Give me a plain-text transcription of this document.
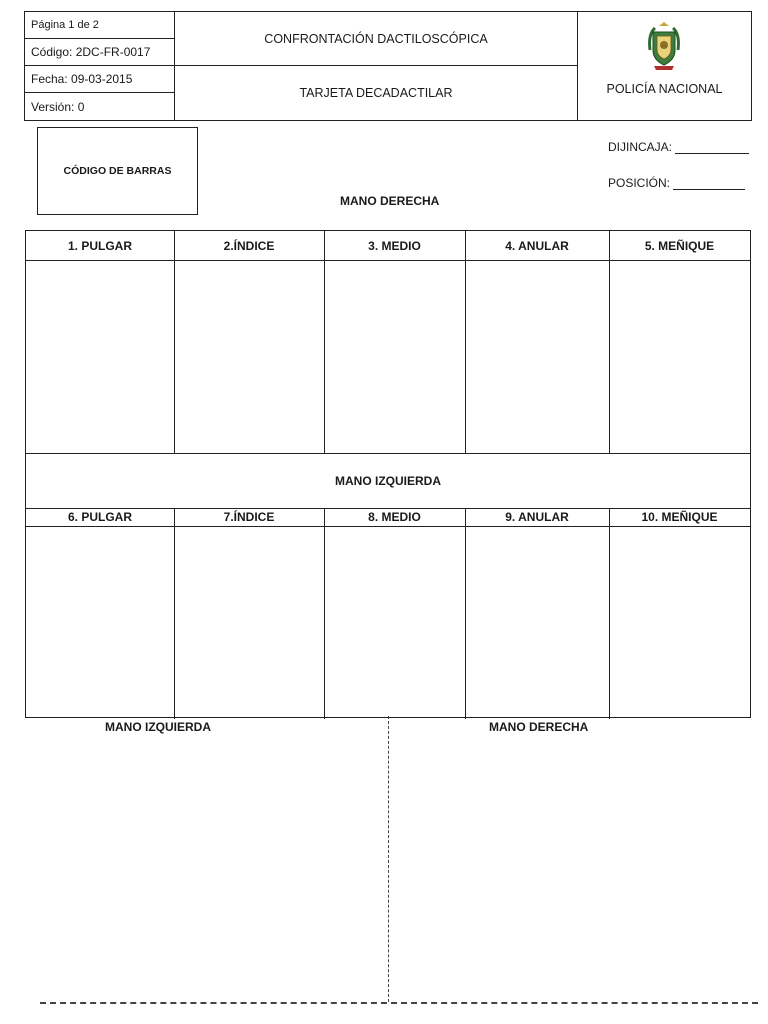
Página 1 de 2
Código: 2DC-FR-0017
Fecha: 09-03-2015
Versión: 0
CONFRONTACIÓN DACTILOSCÓPICA
TARJETA DECADACTILAR	POLICÍA NACIONAL
CÓDIGO DE BARRAS
DIJINCAJA:
POSICIÓN:
MANO DERECHA
1. PULGAR	2.ÍNDICE	3. MEDIO	4. ANULAR	5. MEÑIQUE
MANO IZQUIERDA
6. PULGAR	7.ÍNDICE	8. MEDIO	9. ANULAR	10. MEÑIQUE
MANO IZQUIERDA	MANO DERECHA
